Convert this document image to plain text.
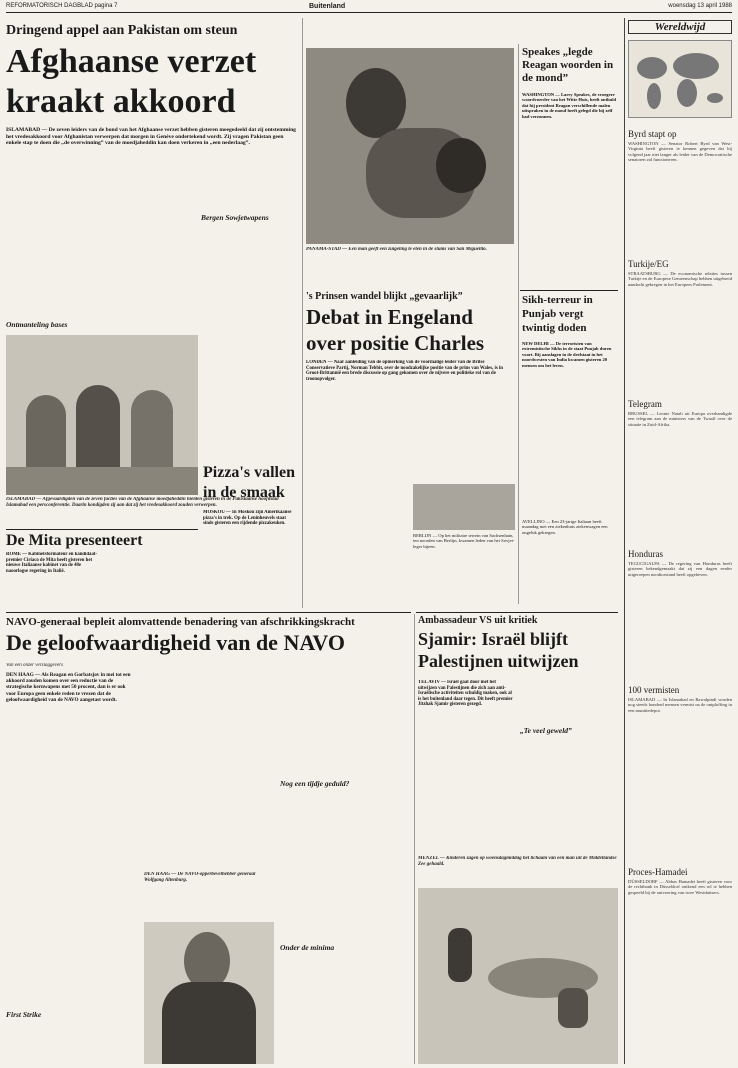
REFORMATORISCH DAGBLAD pagina 7	Buitenland	woensdag 13 april 1988
Dringend appel aan Pakistan om steun
Afghaanse verzet kraakt akkoord
ISLAMABAD — De zeven leiders van de bond van het Afghaanse verzet hebben gisteren meegedeeld dat zij ontstemming het vredesakkoord voor Afghanistan verwerpen dat morgen in Genève ondertekend wordt. Zij vragen Pakistan geen enkele stap te doen die „de overwinning” van de moedjaheddin kan doen verkeren in „een nederlaag”.
Ontmanteling bases
Bergen Sowjetwapens
ISLAMABAD — Afgevaardigden van de zeven facties van de Afghaanse moedjaheddin hielden gisteren in de Pakistaanse hoofdstad Islamabad een persconferentie. Daarin kondigden zij aan dat zij het vredesakkoord zouden verwerpen.
Pizza's vallen in de smaak
MOSKOU — In Moskou zijn Amerikaanse pizza's in trek. Op de Leninheuvels staat sinds gisteren een rijdende pizzakeuken.
De Mita presenteert
ROME — Kabinetsformateur en kandidaat-premier Ciriaco de Mita heeft gisteren het nieuwe Italiaanse kabinet van de 48e naoorlogse regering in Italië.
PANAMA-STAD — Een man geeft een zuigeling te eten in de slums van San Miguelito.
Speakes „legde Reagan woorden in de mond”
WASHINGTON — Larry Speakes, de vroegere woordvoerder van het Witte Huis, heeft onthuld dat hij president Reagan verschillende malen uitspraken in de mond heeft gelegd die hij zelf had verzonnen.
Sikh-terreur in Punjab vergt twintig doden
NEW DELHI — De terroristen van extremistische Sikhs in de staat Punjab duren voort. Bij aanslagen in de deelstaat in het noordwesten van India kwamen gisteren 20 mensen om het leven.
AVELLINO — Een 23-jarige Italiaan heeft maandag met een ziekenhuis ziekenwagen een ongeluk gekregen.
's Prinsen wandel blijkt „gevaarlijk”
Debat in Engeland over positie Charles
LONDEN — Naar aanleiding van de opmerking van de voormalige leider van de Britse Conservatieve Partij, Norman Tebbit, over de noodzakelijke positie van de prins van Wales, is in Groot-Brittannië een brede discussie op gang gekomen over de nijvere en politieke rol van de troonopvolger.
BERLIJN — Op het militaire terrein van Sachsenhain, ten noorden van Berlijn, kwamen leden van het Sovjet-leger bijeen.
NAVO-generaal bepleit alomvattende benadering van afschrikkingskracht
De geloofwaardigheid van de NAVO
Van een onzer verslaggevers
DEN HAAG — Als Reagan en Gorbatsjov in mei tot een akkoord zouden komen over een reductie van de strategische kernwapens met 50 procent, dan is er ook voor Europa geen enkele reden te vrezen dat de geloofwaardigheid van de NAVO aangetast wordt.
First Strike
DEN HAAG — De NAVO-opperbevelhebber generaal Wolfgang Altenburg.
Nog een tijdje geduld?
Onder de minima
Ambassadeur VS uit kritiek
Sjamir: Israël blijft Palestijnen uitwijzen
TEL AVIV — Israël gaat door met het uitwijzen van Palestijnen die zich aan anti-Israëlische activiteiten schuldig maken, ook al is het buitenland daar tegen. Dit heeft premier Jitzhak Sjamir gisteren gezegd.
„Te veel geweld”
MENZEL — Kinderen zagen op woensdagmiddag het lichaam van een man uit de Middellandse Zee gehaald.
Wereldwijd
Byrd stapt op
WASHINGTON — Senator Robert Byrd van West-Virginia heeft gisteren te kennen gegeven dat hij volgend jaar niet langer als leider van de Democratische senatoren zal functioneren.
Turkije/EG
STRAATSBURG — De economische relaties tussen Turkije en de Europese Gemeenschap hebben uitgebreid aandacht gekregen in het Europees Parlement.
Telegram
BRUSSEL — Leonie Natali uit Europa overhandigde een telegram aan de ministers van de Twaalf over de situatie in Zuid-Afrika.
Honduras
TEGUCIGALPA — De regering van Honduras heeft gisteren bekendgemaakt dat zij een dagen eerder uitgeroepen noodtoestand heeft opgeheven.
100 vermisten
ISLAMABAD — In Islamabad en Rawalpindi worden nog steeds honderd mensen vermist na de ontploffing in een munitiedepot.
Proces-Hamadei
DÜSSELDORF — Abbas Hamadei heeft gisteren voor de rechtbank in Düsseldorf ontkend een rol te hebben gespeeld bij de ontvoering van twee Westduitsers.
